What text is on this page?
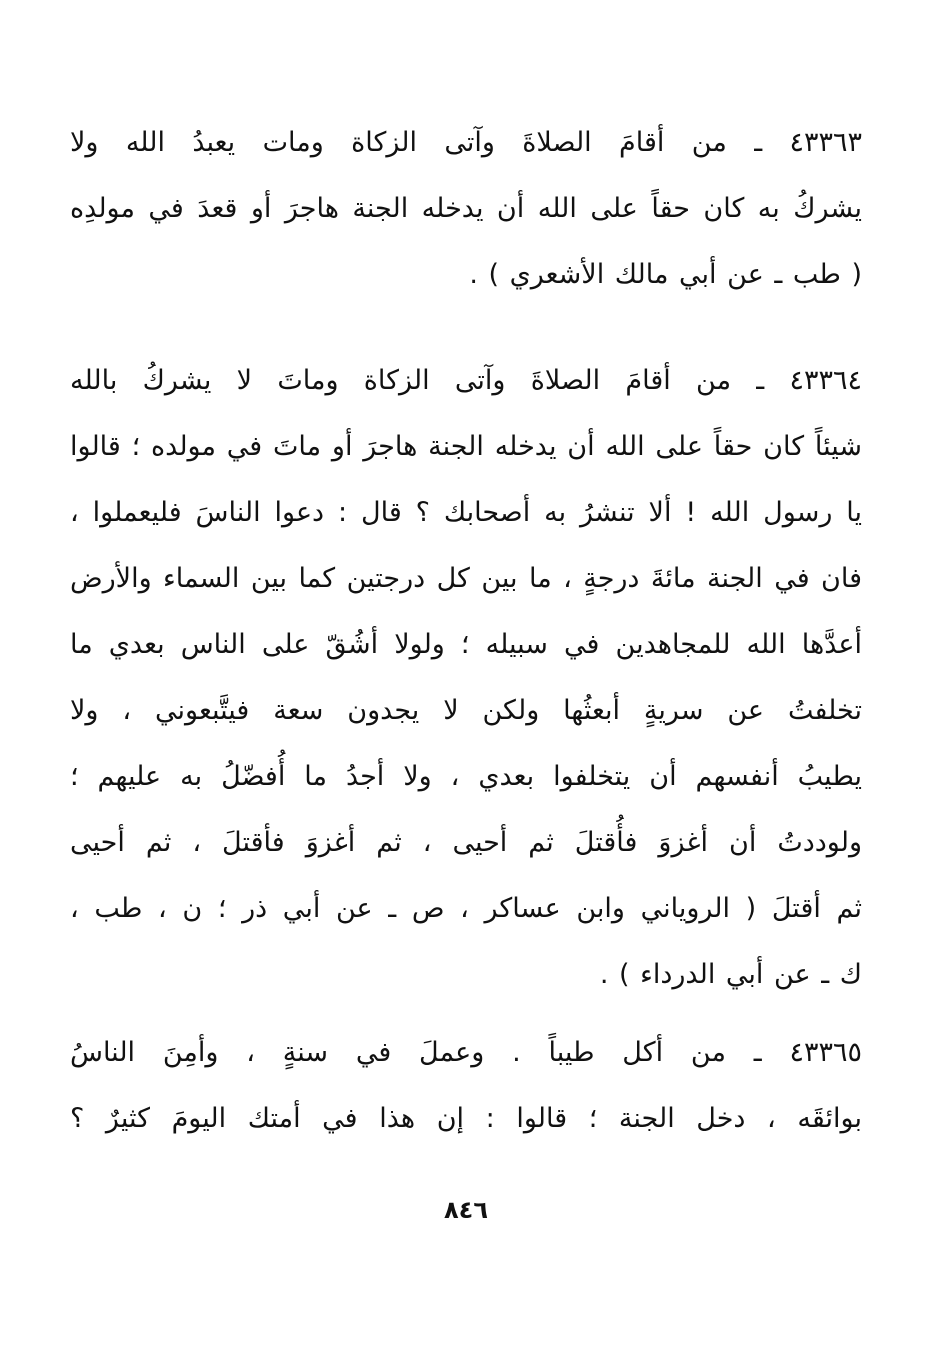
٤٣٣٦٣ ـ من أقامَ الصلاةَ وآتى الزكاة ومات يعبدُ الله ولا
يشركُ به كان حقاً على الله أن يدخله الجنة هاجرَ أو قعدَ في مولدِه
( طب ـ عن أبي مالك الأشعري ) .
٤٣٣٦٤ ـ من أقامَ الصلاةَ وآتى الزكاة وماتَ لا يشركُ بالله
شيئاً كان حقاً على الله أن يدخله الجنة هاجرَ أو ماتَ في مولده ؛ قالوا
يا رسول الله ! ألا تنشرُ به أصحابك ؟ قال : دعوا الناسَ فليعملوا ،
فان في الجنة مائةَ درجةٍ ، ما بين كل درجتين كما بين السماء والأرض
أعدَّها الله للمجاهدين في سبيله ؛ ولولا أشُقّ على الناس بعدي ما
تخلفتُ عن سريةٍ أبعثُها ولكن لا يجدون سعة فيتَّبعوني ، ولا
يطيبُ أنفسهم أن يتخلفوا بعدي ، ولا أجدُ ما أُفضّلُ به عليهم ؛
ولوددتُ أن أغزوَ فأُقتلَ ثم أحيى ، ثم أغزوَ فأقتلَ ، ثم أحيى
ثم أقتلَ ( الروياني وابن عساكر ، ص ـ عن أبي ذر ؛ ن ، طب ،
ك ـ عن أبي الدرداء ) .
٤٣٣٦٥ ـ من أكل طيباً . وعملَ في سنةٍ ، وأمِنَ الناسُ
بوائقَه ، دخل الجنة ؛ قالوا : إن هذا في أمتك اليومَ كثيرٌ ؟
٨٤٦
